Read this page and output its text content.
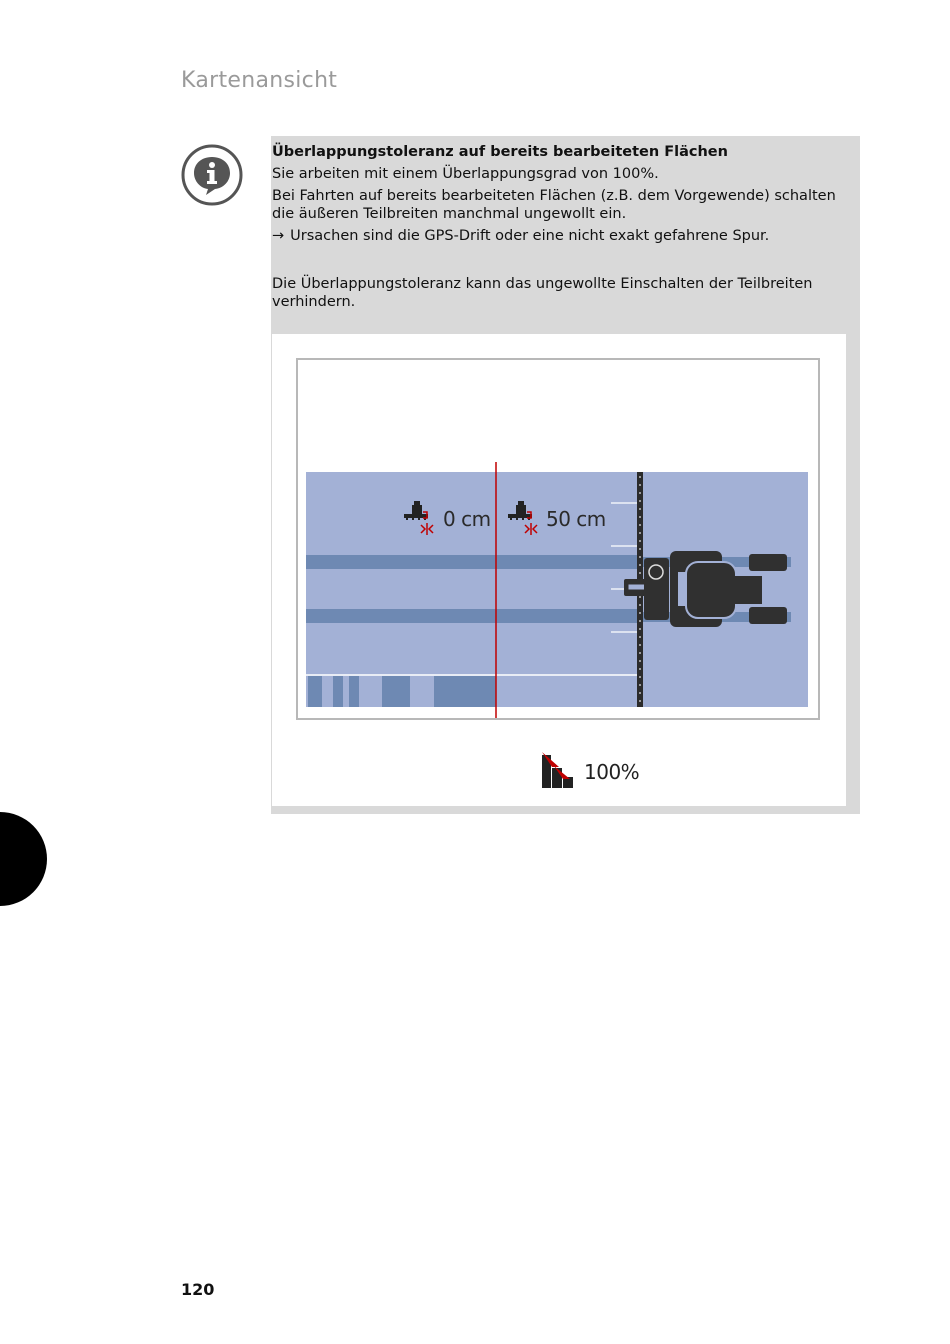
Kartenansicht

Überlappungstoleranz auf bereits bearbeiteten Flächen

Sie arbeiten mit einem Überlappungsgrad von 100%.

Bei Fahrten auf bereits bearbeiteten Flächen (z.B. dem Vorgewende) schalten die äußeren Teilbreiten manchmal ungewollt ein.

→ Ursachen sind die GPS-Drift oder eine nicht exakt gefahrene Spur.

Die Überlappungstoleranz kann das ungewollte Einschalten der Teilbreiten verhindern.

0 cm	50 cm
100%
120
